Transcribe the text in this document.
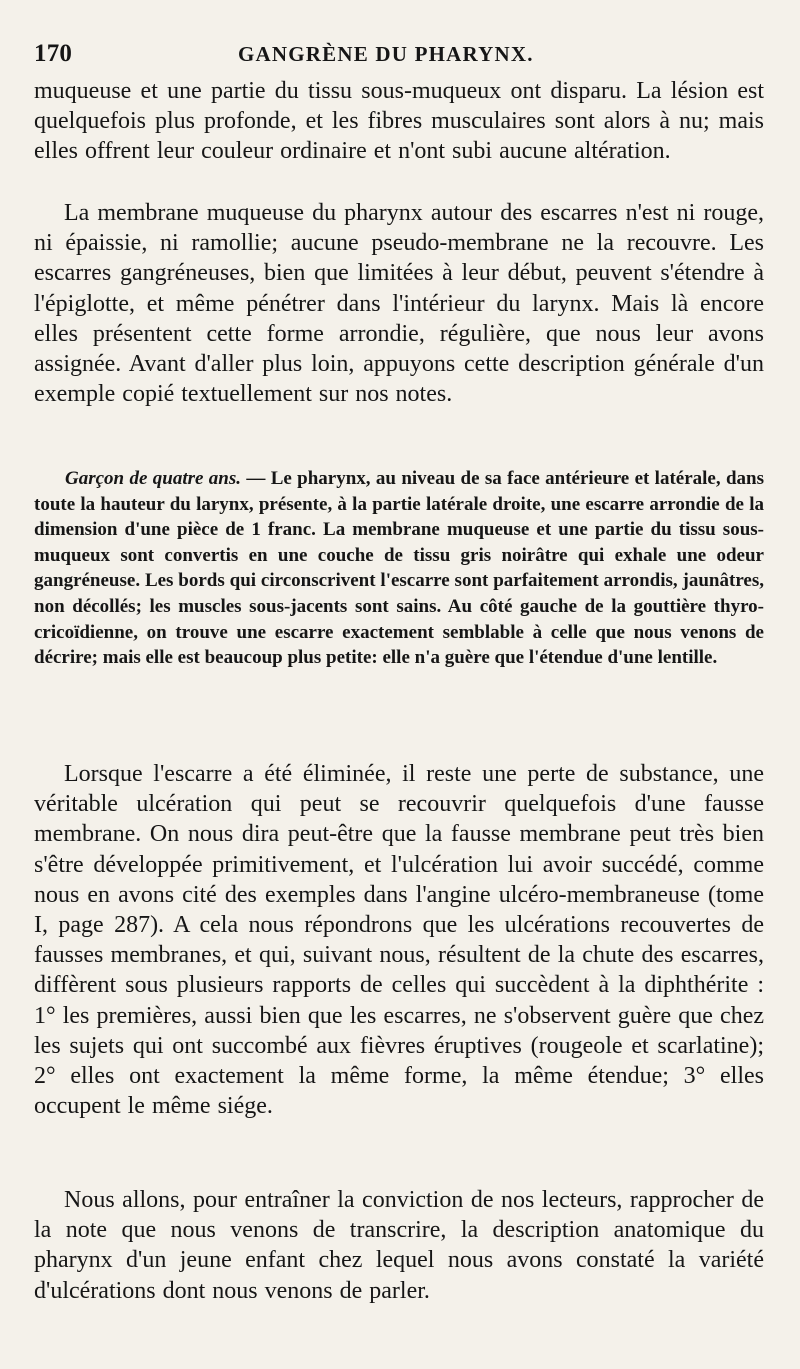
170	GANGRÈNE DU PHARYNX.

muqueuse et une partie du tissu sous-muqueux ont disparu. La lésion est quelquefois plus profonde, et les fibres musculaires sont alors à nu; mais elles offrent leur couleur ordinaire et n'ont subi aucune altération.

La membrane muqueuse du pharynx autour des escarres n'est ni rouge, ni épaissie, ni ramollie; aucune pseudo-membrane ne la recouvre. Les escarres gangréneuses, bien que limitées à leur début, peuvent s'étendre à l'épiglotte, et même pénétrer dans l'intérieur du larynx. Mais là encore elles présentent cette forme arrondie, régulière, que nous leur avons assignée. Avant d'aller plus loin, appuyons cette description générale d'un exemple copié textuellement sur nos notes.

Garçon de quatre ans. — Le pharynx, au niveau de sa face antérieure et latérale, dans toute la hauteur du larynx, présente, à la partie latérale droite, une escarre arrondie de la dimension d'une pièce de 1 franc. La membrane muqueuse et une partie du tissu sous-muqueux sont convertis en une couche de tissu gris noirâtre qui exhale une odeur gangréneuse. Les bords qui circonscrivent l'escarre sont parfaitement arrondis, jaunâtres, non décollés; les muscles sous-jacents sont sains. Au côté gauche de la gouttière thyro-cricoïdienne, on trouve une escarre exactement semblable à celle que nous venons de décrire; mais elle est beaucoup plus petite: elle n'a guère que l'étendue d'une lentille.

Lorsque l'escarre a été éliminée, il reste une perte de substance, une véritable ulcération qui peut se recouvrir quelquefois d'une fausse membrane. On nous dira peut-être que la fausse membrane peut très bien s'être développée primitivement, et l'ulcération lui avoir succédé, comme nous en avons cité des exemples dans l'angine ulcéro-membraneuse (tome I, page 287). A cela nous répondrons que les ulcérations recouvertes de fausses membranes, et qui, suivant nous, résultent de la chute des escarres, diffèrent sous plusieurs rapports de celles qui succèdent à la diphthérite : 1° les premières, aussi bien que les escarres, ne s'observent guère que chez les sujets qui ont succombé aux fièvres éruptives (rougeole et scarlatine); 2° elles ont exactement la même forme, la même étendue; 3° elles occupent le même siége.

Nous allons, pour entraîner la conviction de nos lecteurs, rapprocher de la note que nous venons de transcrire, la description anatomique du pharynx d'un jeune enfant chez lequel nous avons constaté la variété d'ulcérations dont nous venons de parler.
